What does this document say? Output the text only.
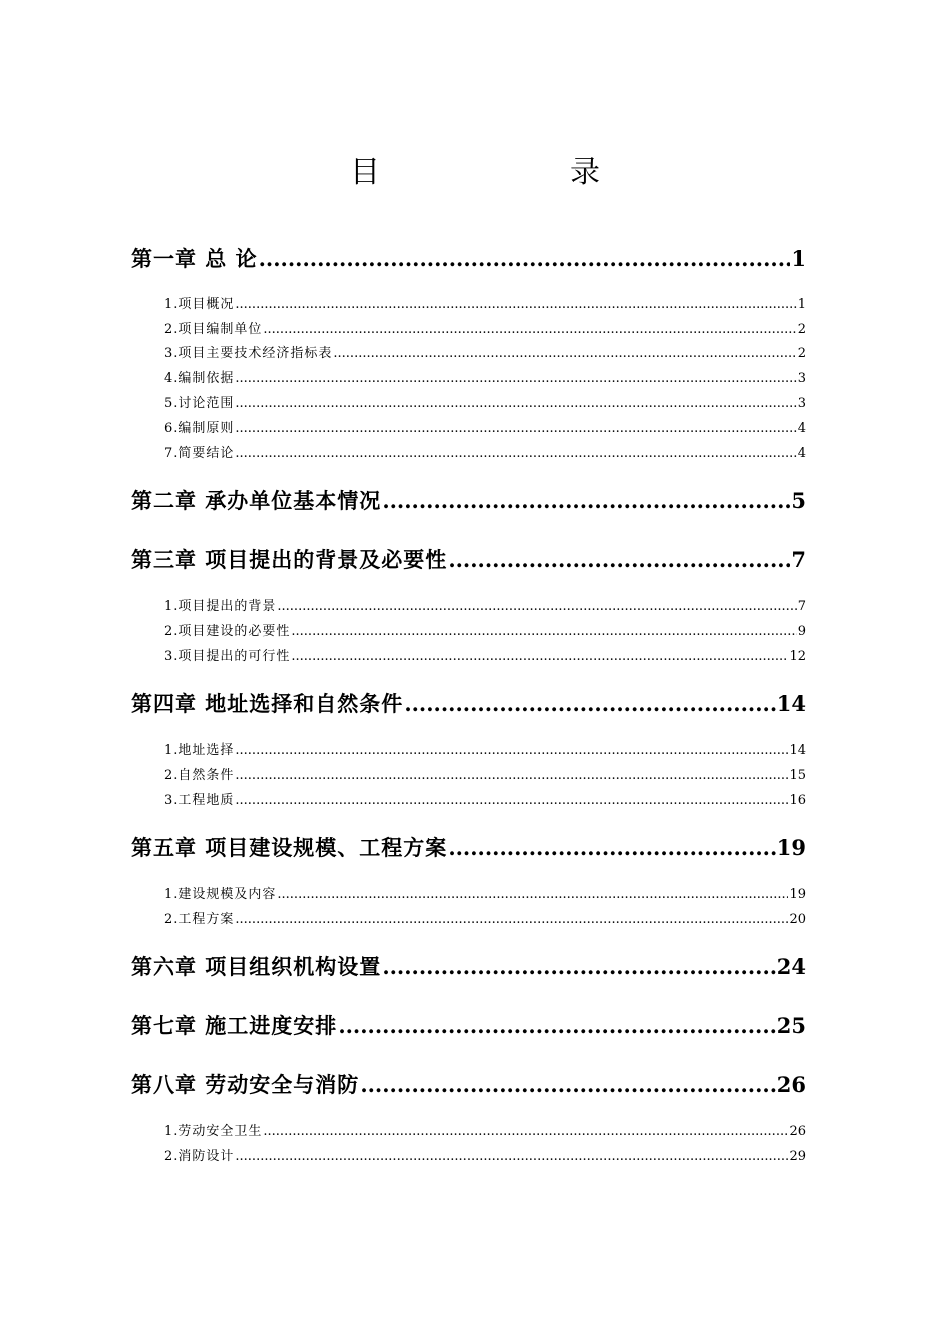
目　录
第一章 总 论 .....	1
1.项目概况 .....	1
2.项目编制单位 .....	2
3.项目主要技术经济指标表 .....	2
4.编制依据 .....	3
5.讨论范围 .....	3
6.编制原则 .....	4
7.简要结论 .....	4
第二章 承办单位基本情况 .....	5
第三章 项目提出的背景及必要性 .....	7
1.项目提出的背景 .....	7
2.项目建设的必要性 .....	9
3.项目提出的可行性 .....	12
第四章 地址选择和自然条件 .....	14
1.地址选择 .....	14
2.自然条件 .....	15
3.工程地质 .....	16
第五章 项目建设规模、工程方案 .....	19
1.建设规模及内容 .....	19
2.工程方案 .....	20
第六章 项目组织机构设置 .....	24
第七章 施工进度安排 .....	25
第八章 劳动安全与消防 .....	26
1.劳动安全卫生 .....	26
2.消防设计 .....	29
